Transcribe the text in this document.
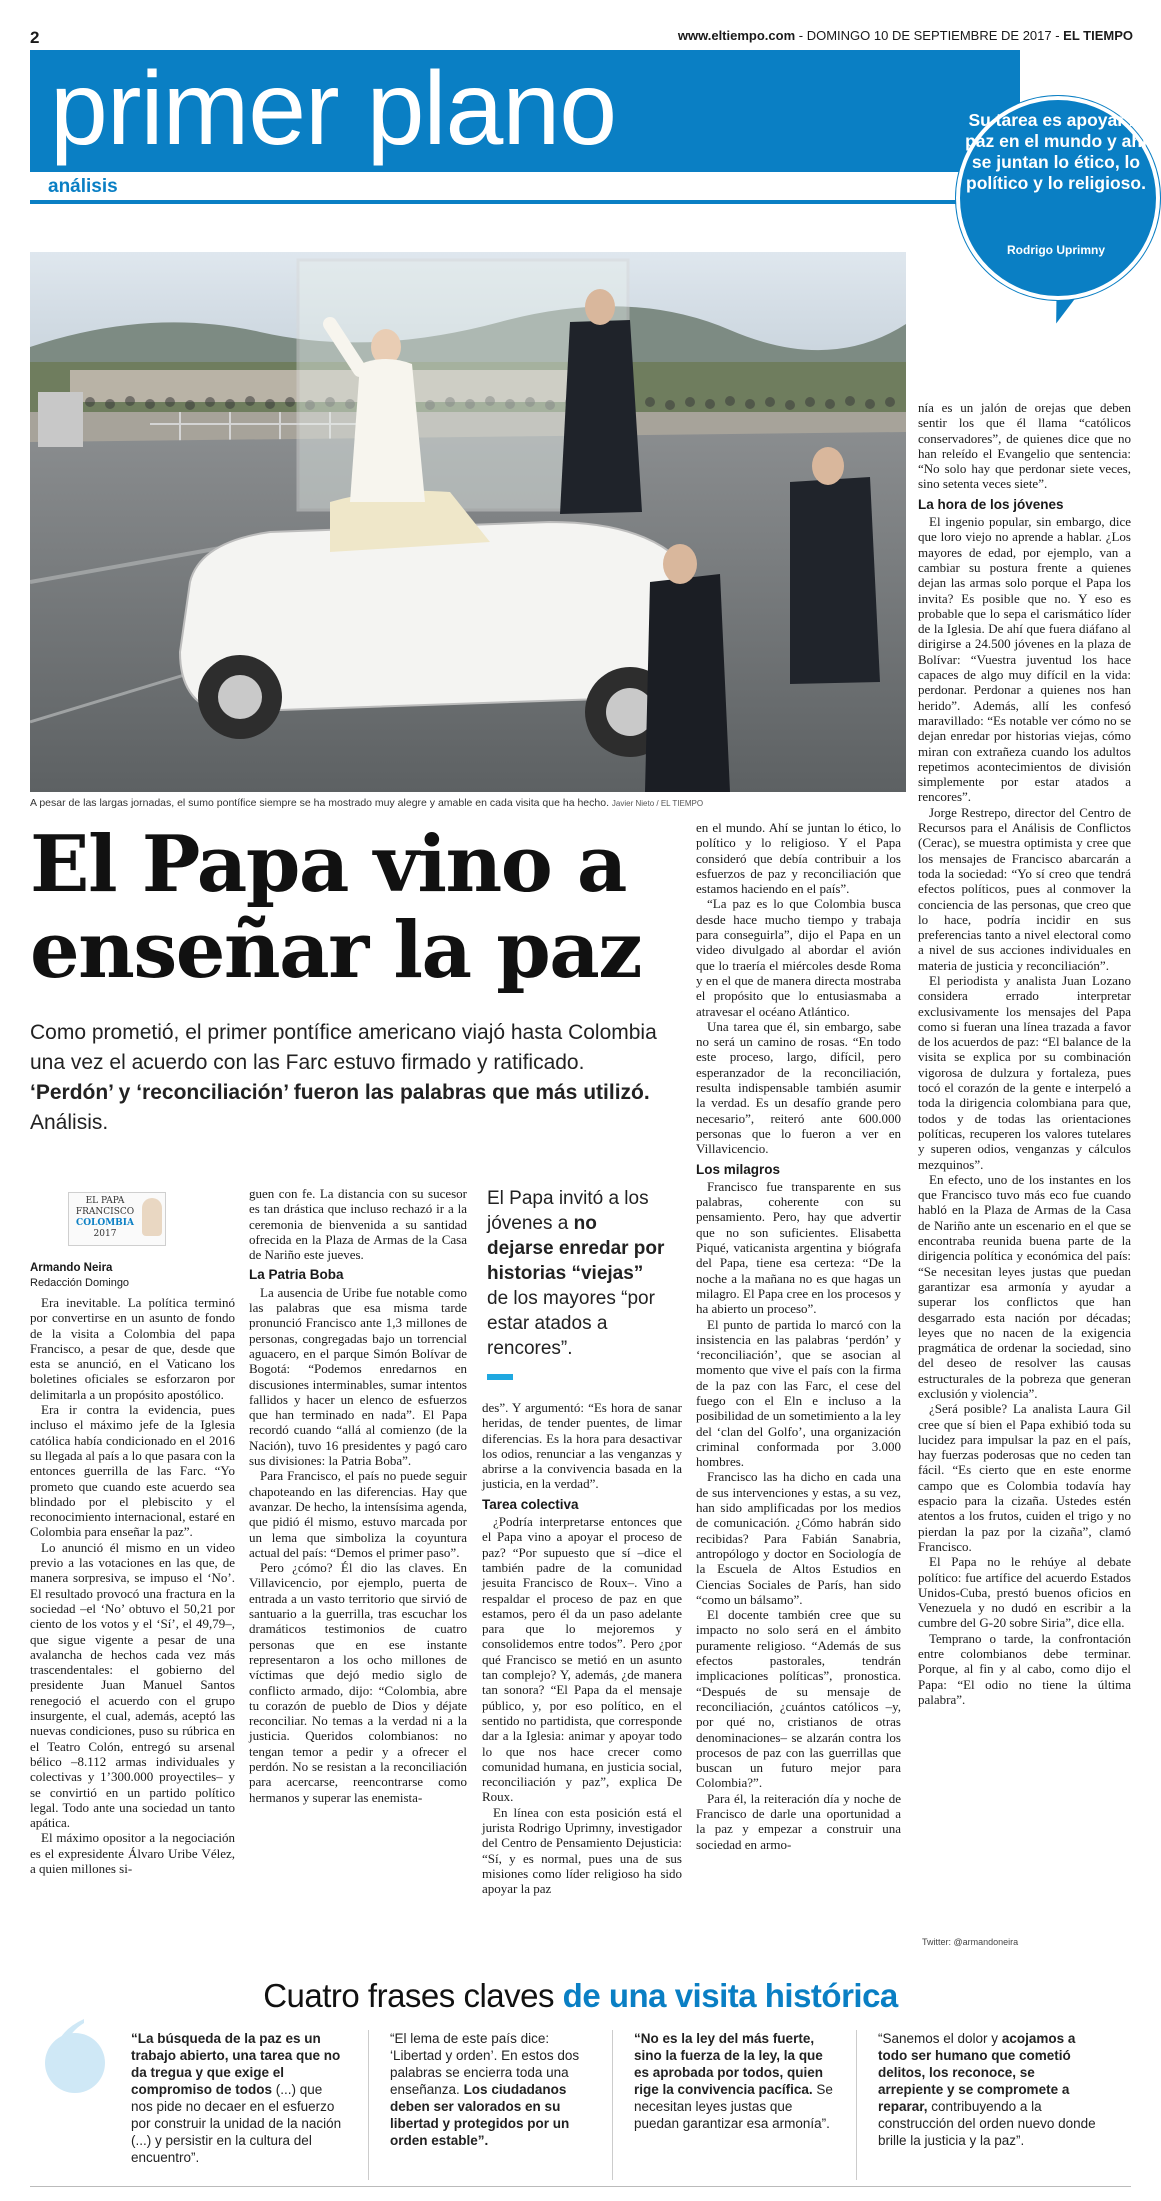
2	www.eltiempo.com - DOMINGO 10 DE SEPTIEMBRE DE 2017 - EL TIEMPO
primer plano
análisis
Su tarea es apoyar la paz en el mundo y ahí se juntan lo ético, lo político y lo religioso.
Rodrigo Uprimny
A pesar de las largas jornadas, el sumo pontífice siempre se ha mostrado muy alegre y amable en cada visita que ha hecho. Javier Nieto / EL TIEMPO
El Papa vino a enseñar la paz
Como prometió, el primer pontífice americano viajó hasta Colombia una vez el acuerdo con las Farc estuvo firmado y ratificado. ‘Perdón’ y ‘reconciliación’ fueron las palabras que más utilizó. Análisis.
EL PAPA
FRANCISCO
COLOMBIA
2017
Armando Neira
Redacción Domingo

Era inevitable. La política terminó por convertirse en un asunto de fondo de la visita a Colombia del papa Francisco, a pesar de que, desde que esta se anunció, en el Vaticano los boletines oficiales se esforzaron por delimitarla a un propósito apostólico.

Era ir contra la evidencia, pues incluso el máximo jefe de la Iglesia católica había condicionado en el 2016 su llegada al país a lo que pasara con la entonces guerrilla de las Farc. “Yo prometo que cuando este acuerdo sea blindado por el plebiscito y el reconocimiento internacional, estaré en Colombia para enseñar la paz”.

Lo anunció él mismo en un video previo a las votaciones en las que, de manera sorpresiva, se impuso el ‘No’. El resultado provocó una fractura en la sociedad –el ‘No’ obtuvo el 50,21 por ciento de los votos y el ‘Sí’, el 49,79–, que sigue vigente a pesar de una avalancha de hechos cada vez más trascendentales: el gobierno del presidente Juan Manuel Santos renegoció el acuerdo con el grupo insurgente, el cual, además, aceptó las nuevas condiciones, puso su rúbrica en el Teatro Colón, entregó su arsenal bélico –8.112 armas individuales y colectivas y 1’300.000 proyectiles– y se convirtió en un partido político legal. Todo ante una sociedad un tanto apática.

El máximo opositor a la negociación es el expresidente Álvaro Uribe Vélez, a quien millones si-

guen con fe. La distancia con su sucesor es tan drástica que incluso rechazó ir a la ceremonia de bienvenida a su santidad ofrecida en la Plaza de Armas de la Casa de Nariño este jueves.

La Patria Boba

La ausencia de Uribe fue notable como las palabras que esa misma tarde pronunció Francisco ante 1,3 millones de personas, congregadas bajo un torrencial aguacero, en el parque Simón Bolívar de Bogotá: “Podemos enredarnos en discusiones interminables, sumar intentos fallidos y hacer un elenco de esfuerzos que han terminado en nada”. El Papa recordó cuando “allá al comienzo (de la Nación), tuvo 16 presidentes y pagó caro sus divisiones: la Patria Boba”.

Para Francisco, el país no puede seguir chapoteando en las diferencias. Hay que avanzar. De hecho, la intensísima agenda, que pidió él mismo, estuvo marcada por un lema que simboliza la coyuntura actual del país: “Demos el primer paso”.

Pero ¿cómo? Él dio las claves. En Villavicencio, por ejemplo, puerta de entrada a un vasto territorio que sirvió de santuario a la guerrilla, tras escuchar los dramáticos testimonios de cuatro personas que en ese instante representaron a los ocho millones de víctimas que dejó medio siglo de conflicto armado, dijo: “Colombia, abre tu corazón de pueblo de Dios y déjate reconciliar. No temas a la verdad ni a la justicia. Queridos colombianos: no tengan temor a pedir y a ofrecer el perdón. No se resistan a la reconciliación para acercarse, reencontrarse como hermanos y superar las enemista-

El Papa invitó a los jóvenes a no dejarse enredar por historias “viejas” de los mayores “por estar atados a rencores”.

des”. Y argumentó: “Es hora de sanar heridas, de tender puentes, de limar diferencias. Es la hora para desactivar los odios, renunciar a las venganzas y abrirse a la convivencia basada en la justicia, en la verdad”.

Tarea colectiva

¿Podría interpretarse entonces que el Papa vino a apoyar el proceso de paz? “Por supuesto que sí –dice el también padre de la comunidad jesuita Francisco de Roux–. Vino a respaldar el proceso de paz en que estamos, pero él da un paso adelante para que lo mejoremos y consolidemos entre todos”. Pero ¿por qué Francisco se metió en un asunto tan complejo? Y, además, ¿de manera tan sonora? “El Papa da el mensaje público, y, por eso político, en el sentido no partidista, que corresponde dar a la Iglesia: animar y apoyar todo lo que nos hace crecer como comunidad humana, en justicia social, reconciliación y paz”, explica De Roux.

En línea con esta posición está el jurista Rodrigo Uprimny, investigador del Centro de Pensamiento Dejusticia: “Sí, y es normal, pues una de sus misiones como líder religioso ha sido apoyar la paz

en el mundo. Ahí se juntan lo ético, lo político y lo religioso. Y el Papa consideró que debía contribuir a los esfuerzos de paz y reconciliación que estamos haciendo en el país”.

“La paz es lo que Colombia busca desde hace mucho tiempo y trabaja para conseguirla”, dijo el Papa en un video divulgado al abordar el avión que lo traería el miércoles desde Roma y en el que de manera directa mostraba el propósito que lo entusiasmaba a atravesar el océano Atlántico.

Una tarea que él, sin embargo, sabe no será un camino de rosas. “En todo este proceso, largo, difícil, pero esperanzador de la reconciliación, resulta indispensable también asumir la verdad. Es un desafío grande pero necesario”, reiteró ante 600.000 personas que lo fueron a ver en Villavicencio.

Los milagros

Francisco fue transparente en sus palabras, coherente con su pensamiento. Pero, hay que advertir que no son suficientes. Elisabetta Piqué, vaticanista argentina y biógrafa del Papa, tiene esa certeza: “De la noche a la mañana no es que hagas un milagro. El Papa cree en los procesos y ha abierto un proceso”.

El punto de partida lo marcó con la insistencia en las palabras ‘perdón’ y ‘reconciliación’, que se asocian al momento que vive el país con la firma de la paz con las Farc, el cese del fuego con el Eln e incluso a la posibilidad de un sometimiento a la ley del ‘clan del Golfo’, una organización criminal conformada por 3.000 hombres.

Francisco las ha dicho en cada una de sus intervenciones y estas, a su vez, han sido amplificadas por los medios de comunicación. ¿Cómo habrán sido recibidas? Para Fabián Sanabria, antropólogo y doctor en Sociología de la Escuela de Altos Estudios en Ciencias Sociales de París, han sido “como un bálsamo”.

El docente también cree que su impacto no solo será en el ámbito puramente religioso. “Además de sus efectos pastorales, tendrán implicaciones políticas”, pronostica. “Después de su mensaje de reconciliación, ¿cuántos católicos –y, por qué no, cristianos de otras denominaciones– se alzarán contra los procesos de paz con las guerrillas que buscan un futuro mejor para Colombia?”.

Para él, la reiteración día y noche de Francisco de darle una oportunidad a la paz y empezar a construir una sociedad en armo-

nía es un jalón de orejas que deben sentir los que él llama “católicos conservadores”, de quienes dice que no han releído el Evangelio que sentencia: “No solo hay que perdonar siete veces, sino setenta veces siete”.

La hora de los jóvenes

El ingenio popular, sin embargo, dice que loro viejo no aprende a hablar. ¿Los mayores de edad, por ejemplo, van a cambiar su postura frente a quienes dejan las armas solo porque el Papa los invita? Es posible que no. Y eso es probable que lo sepa el carismático líder de la Iglesia. De ahí que fuera diáfano al dirigirse a 24.500 jóvenes en la plaza de Bolívar: “Vuestra juventud los hace capaces de algo muy difícil en la vida: perdonar. Perdonar a quienes nos han herido”. Además, allí les confesó maravillado: “Es notable ver cómo no se dejan enredar por historias viejas, cómo miran con extrañeza cuando los adultos repetimos acontecimientos de división simplemente por estar atados a rencores”.

Jorge Restrepo, director del Centro de Recursos para el Análisis de Conflictos (Cerac), se muestra optimista y cree que los mensajes de Francisco abarcarán a toda la sociedad: “Yo sí creo que tendrá efectos políticos, pues al conmover la conciencia de las personas, que creo que lo hace, podría incidir en sus preferencias tanto a nivel electoral como a nivel de sus acciones individuales en materia de justicia y reconciliación”.

El periodista y analista Juan Lozano considera errado interpretar exclusivamente los mensajes del Papa como si fueran una línea trazada a favor de los acuerdos de paz: “El balance de la visita se explica por su combinación vigorosa de dulzura y fortaleza, pues tocó el corazón de la gente e interpeló a toda la dirigencia colombiana para que, todos y de todas las orientaciones políticas, recuperen los valores tutelares y superen odios, venganzas y cálculos mezquinos”.

En efecto, uno de los instantes en los que Francisco tuvo más eco fue cuando habló en la Plaza de Armas de la Casa de Nariño ante un escenario en el que se encontraba reunida buena parte de la dirigencia política y económica del país: “Se necesitan leyes justas que puedan garantizar esa armonía y ayudar a superar los conflictos que han desgarrado esta nación por décadas; leyes que no nacen de la exigencia pragmática de ordenar la sociedad, sino del deseo de resolver las causas estructurales de la pobreza que generan exclusión y violencia”.

¿Será posible? La analista Laura Gil cree que sí bien el Papa exhibió toda su lucidez para impulsar la paz en el país, hay fuerzas poderosas que no ceden tan fácil. “Es cierto que en este enorme campo que es Colombia todavía hay espacio para la cizaña. Ustedes estén atentos a los frutos, cuiden el trigo y no pierdan la paz por la cizaña”, clamó Francisco.

El Papa no le rehúye al debate político: fue artífice del acuerdo Estados Unidos-Cuba, prestó buenos oficios en Venezuela y no dudó en escribir a la cumbre del G-20 sobre Siria”, dice ella.

Temprano o tarde, la confrontación entre colombianos debe terminar. Porque, al fin y al cabo, como dijo el Papa: “El odio no tiene la última palabra”.

Twitter: @armandoneira
Cuatro frases claves de una visita histórica
“La búsqueda de la paz es un trabajo abierto, una tarea que no da tregua y que exige el compromiso de todos (...) que nos pide no decaer en el esfuerzo por construir la unidad de la nación (...) y persistir en la cultura del encuentro”.
“El lema de este país dice: ‘Libertad y orden’. En estos dos palabras se encierra toda una enseñanza. Los ciudadanos deben ser valorados en su libertad y protegidos por un orden estable”.
“No es la ley del más fuerte, sino la fuerza de la ley, la que es aprobada por todos, quien rige la convivencia pacífica. Se necesitan leyes justas que puedan garantizar esa armonía”.
“Sanemos el dolor y acojamos a todo ser humano que cometió delitos, los reconoce, se arrepiente y se compromete a reparar, contribuyendo a la construcción del orden nuevo donde brille la justicia y la paz”.
